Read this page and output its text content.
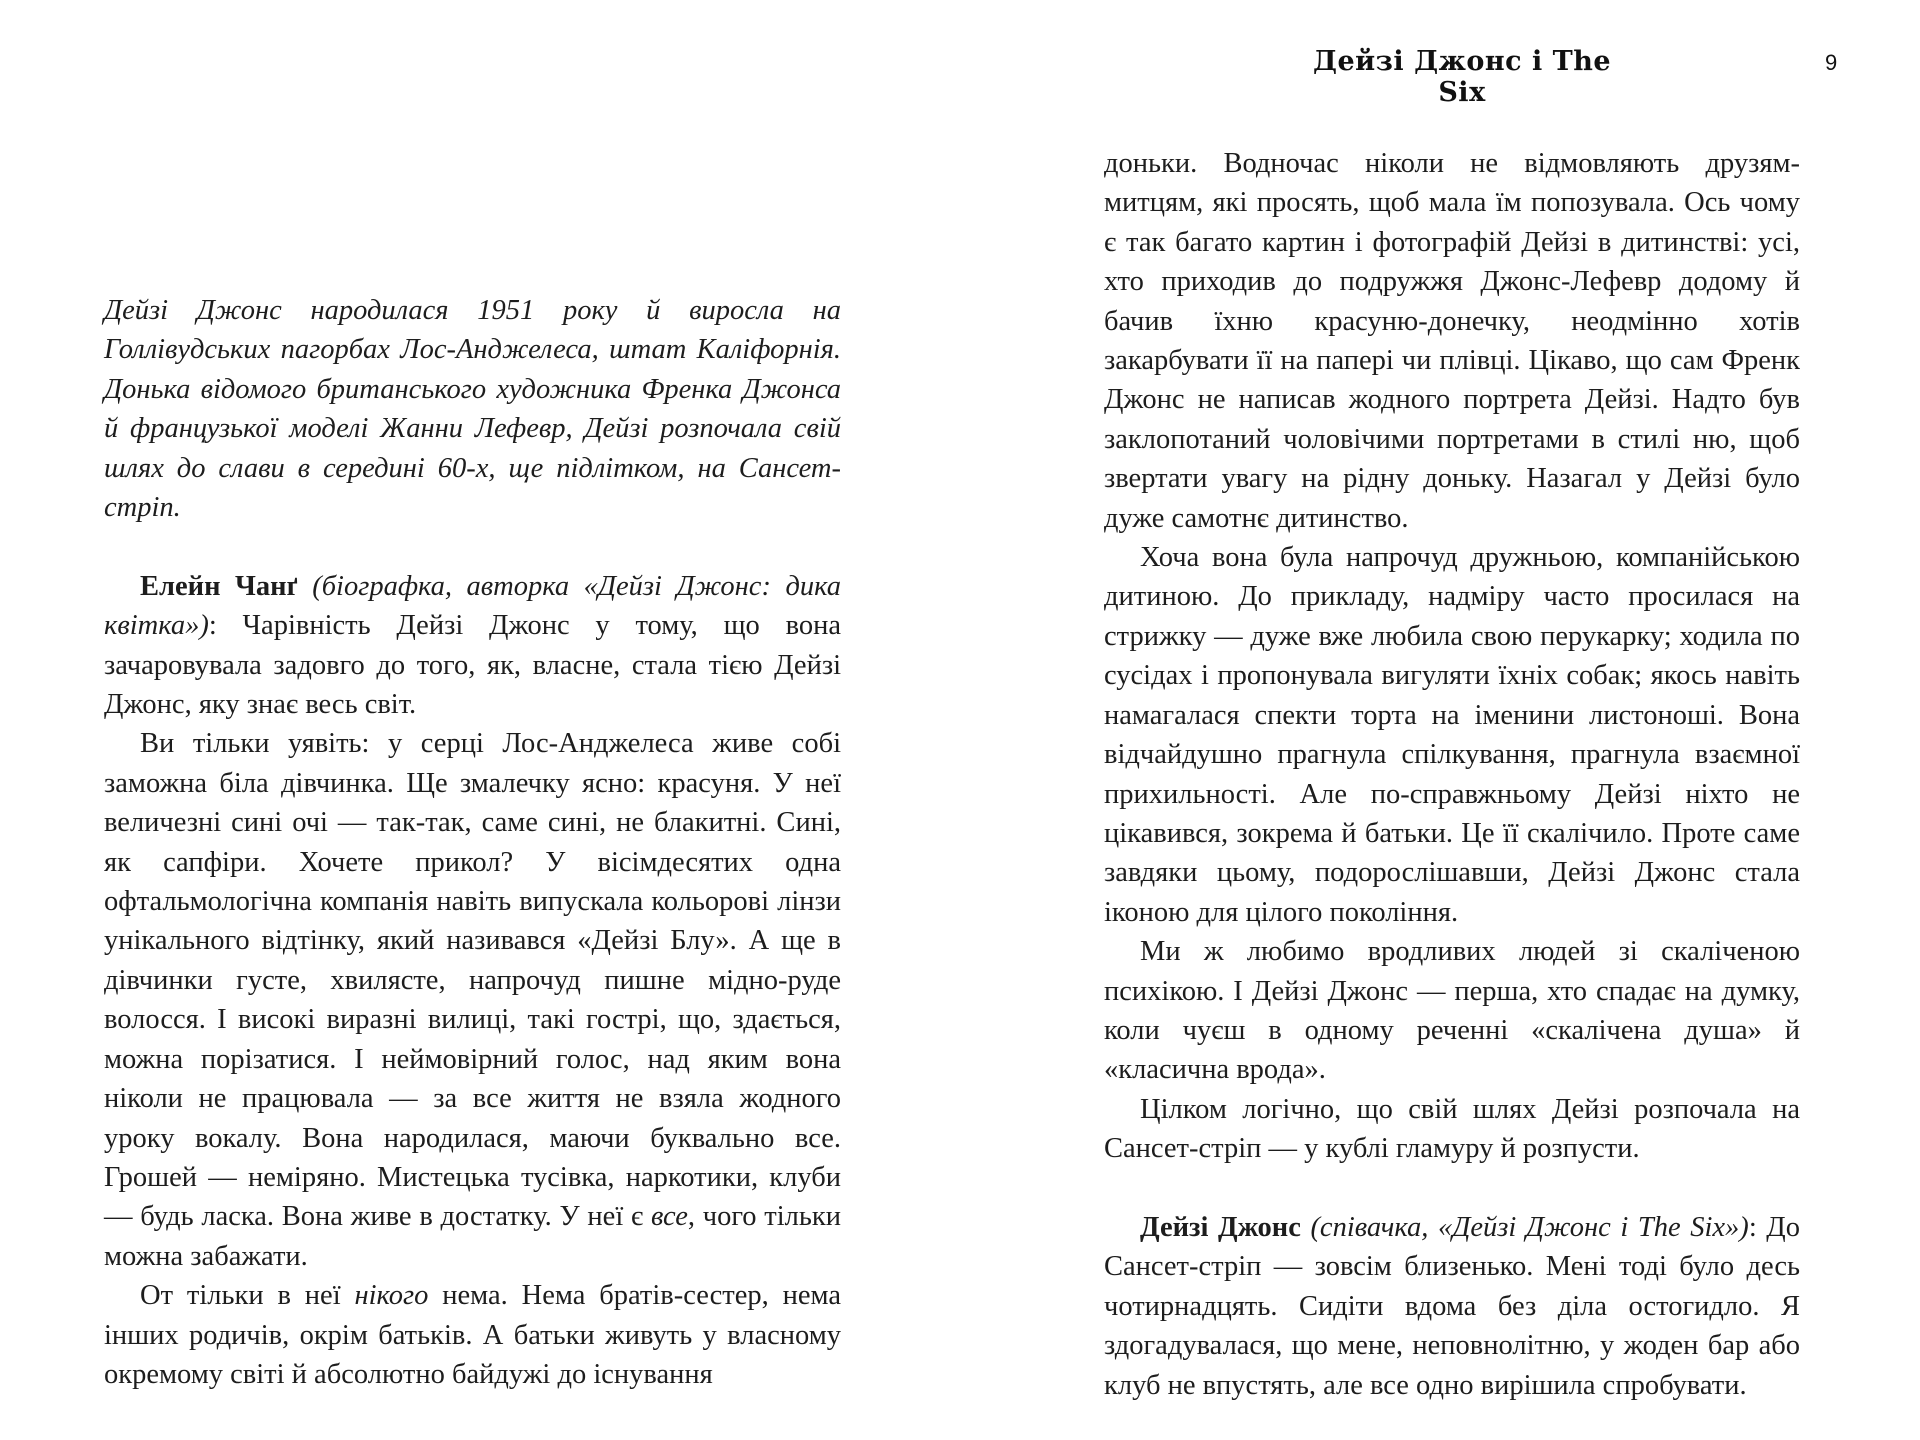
Дейзі Джонс народилася 1951 року й виросла на Голлівудських пагорбах Лос-Анджелеса, штат Каліфорнія. Донька відомого британського художника Френка Джонса й французької моделі Жанни Лефевр, Дейзі розпочала свій шлях до слави в середині 60-х, ще підлітком, на Сансет-стріп.

Елейн Чанґ (біографка, авторка «Дейзі Джонс: дика квітка»): Чарівність Дейзі Джонс у тому, що вона зачаровувала задовго до того, як, власне, стала тією Дейзі Джонс, яку знає весь світ.

Ви тільки уявіть: у серці Лос-Анджелеса живе собі заможна біла дівчинка. Ще змалечку ясно: красуня. У неї величезні сині очі — так-так, саме сині, не блакитні. Сині, як сапфіри. Хочете прикол? У вісімдесятих одна офтальмологічна компанія навіть випускала кольорові лінзи унікального відтінку, який називався «Дейзі Блу». А ще в дівчинки густе, хвилясте, напрочуд пишне мідно-руде волосся. І високі виразні вилиці, такі гострі, що, здається, можна порізатися. І неймовірний голос, над яким вона ніколи не працювала — за все життя не взяла жодного уроку вокалу. Вона народилася, маючи буквально все. Грошей — неміряно. Мистецька тусівка, наркотики, клуби — будь ласка. Вона живе в достатку. У неї є все, чого тільки можна забажати.

От тільки в неї нікого нема. Нема братів-сестер, нема інших родичів, окрім батьків. А батьки живуть у власному окремому світі й абсолютно байдужі до існування

Дейзі Джонс і The Six
9

доньки. Водночас ніколи не відмовляють друзям-митцям, які просять, щоб мала їм попозувала. Ось чому є так багато картин і фотографій Дейзі в дитинстві: усі, хто приходив до подружжя Джонс-Лефевр додому й бачив їхню красуню-донечку, неодмінно хотів закарбувати її на папері чи плівці. Цікаво, що сам Френк Джонс не написав жодного портрета Дейзі. Надто був заклопотаний чоловічими портретами в стилі ню, щоб звертати увагу на рідну доньку. Назагал у Дейзі було дуже самотнє дитинство.

Хоча вона була напрочуд дружньою, компанійською дитиною. До прикладу, надміру часто просилася на стрижку — дуже вже любила свою перукарку; ходила по сусідах і пропонувала вигуляти їхніх собак; якось навіть намагалася спекти торта на іменини листоноші. Вона відчайдушно прагнула спілкування, прагнула взаємної прихильності. Але по-справжньому Дейзі ніхто не цікавився, зокрема й батьки. Це її скалічило. Проте саме завдяки цьому, подорослішавши, Дейзі Джонс стала іконою для цілого покоління.

Ми ж любимо вродливих людей зі скаліченою психікою. І Дейзі Джонс — перша, хто спадає на думку, коли чуєш в одному реченні «скалічена душа» й «класична врода».

Цілком логічно, що свій шлях Дейзі розпочала на Сансет-стріп — у кублі гламуру й розпусти.

Дейзі Джонс (співачка, «Дейзі Джонс і The Six»): До Сансет-стріп — зовсім близенько. Мені тоді було десь чотирнадцять. Сидіти вдома без діла остогидло. Я здогадувалася, що мене, неповнолітню, у жоден бар або клуб не впустять, але все одно вирішила спробувати.
